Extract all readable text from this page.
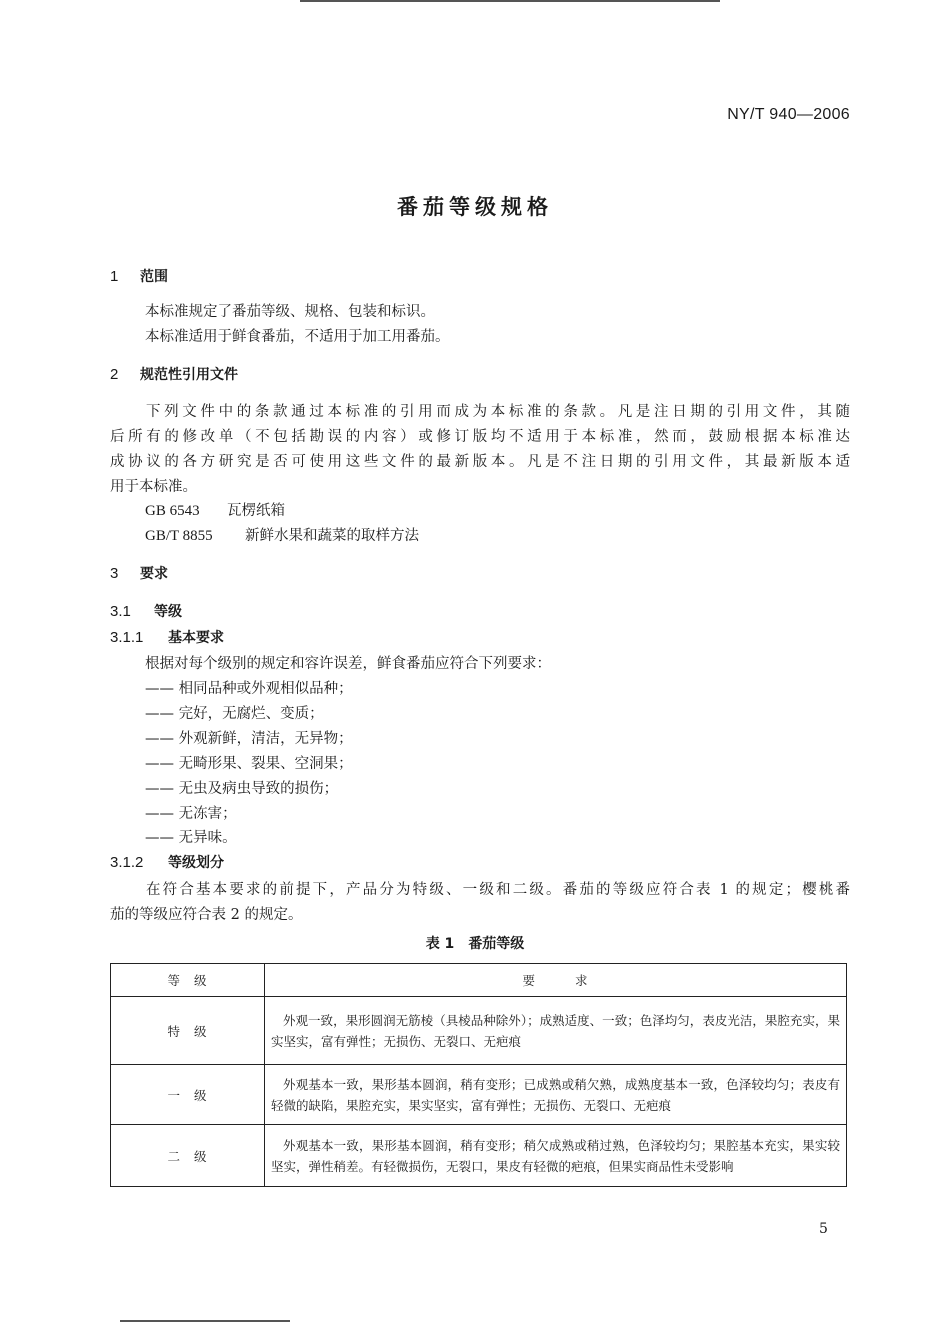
NY/T 940—2006
番茄等级规格
1 范围
本标准规定了番茄等级、规格、包装和标识。
本标准适用于鲜食番茄，不适用于加工用番茄。
2 规范性引用文件
下列文件中的条款通过本标准的引用而成为本标准的条款。凡是注日期的引用文件，其随
后所有的修改单（不包括勘误的内容）或修订版均不适用于本标准，然而，鼓励根据本标准达
成协议的各方研究是否可使用这些文件的最新版本。凡是不注日期的引用文件，其最新版本适
用于本标准。
GB 6543 瓦楞纸箱
GB/T 8855 新鲜水果和蔬菜的取样方法
3 要求
3.1 等级
3.1.1 基本要求
根据对每个级别的规定和容许误差，鲜食番茄应符合下列要求：
—— 相同品种或外观相似品种；
—— 完好，无腐烂、变质；
—— 外观新鲜，清洁，无异物；
—— 无畸形果、裂果、空洞果；
—— 无虫及病虫导致的损伤；
—— 无冻害；
—— 无异味。
3.1.2 等级划分
在符合基本要求的前提下，产品分为特级、一级和二级。番茄的等级应符合表 1 的规定；樱桃番
茄的等级应符合表 2 的规定。
表 1 番茄等级
等级	要求
特级	外观一致，果形圆润无筋棱（具棱品种除外）；成熟适度、一致；色泽均匀，表皮光洁，果腔充实，果实坚实，富有弹性；无损伤、无裂口、无疤痕

一级	外观基本一致，果形基本圆润，稍有变形；已成熟或稍欠熟，成熟度基本一致，色泽较均匀；表皮有轻微的缺陷，果腔充实，果实坚实，富有弹性；无损伤、无裂口、无疤痕

二级	外观基本一致，果形基本圆润，稍有变形；稍欠成熟或稍过熟，色泽较均匀；果腔基本充实，果实较坚实，弹性稍差。有轻微损伤，无裂口，果皮有轻微的疤痕，但果实商品性未受影响
5
